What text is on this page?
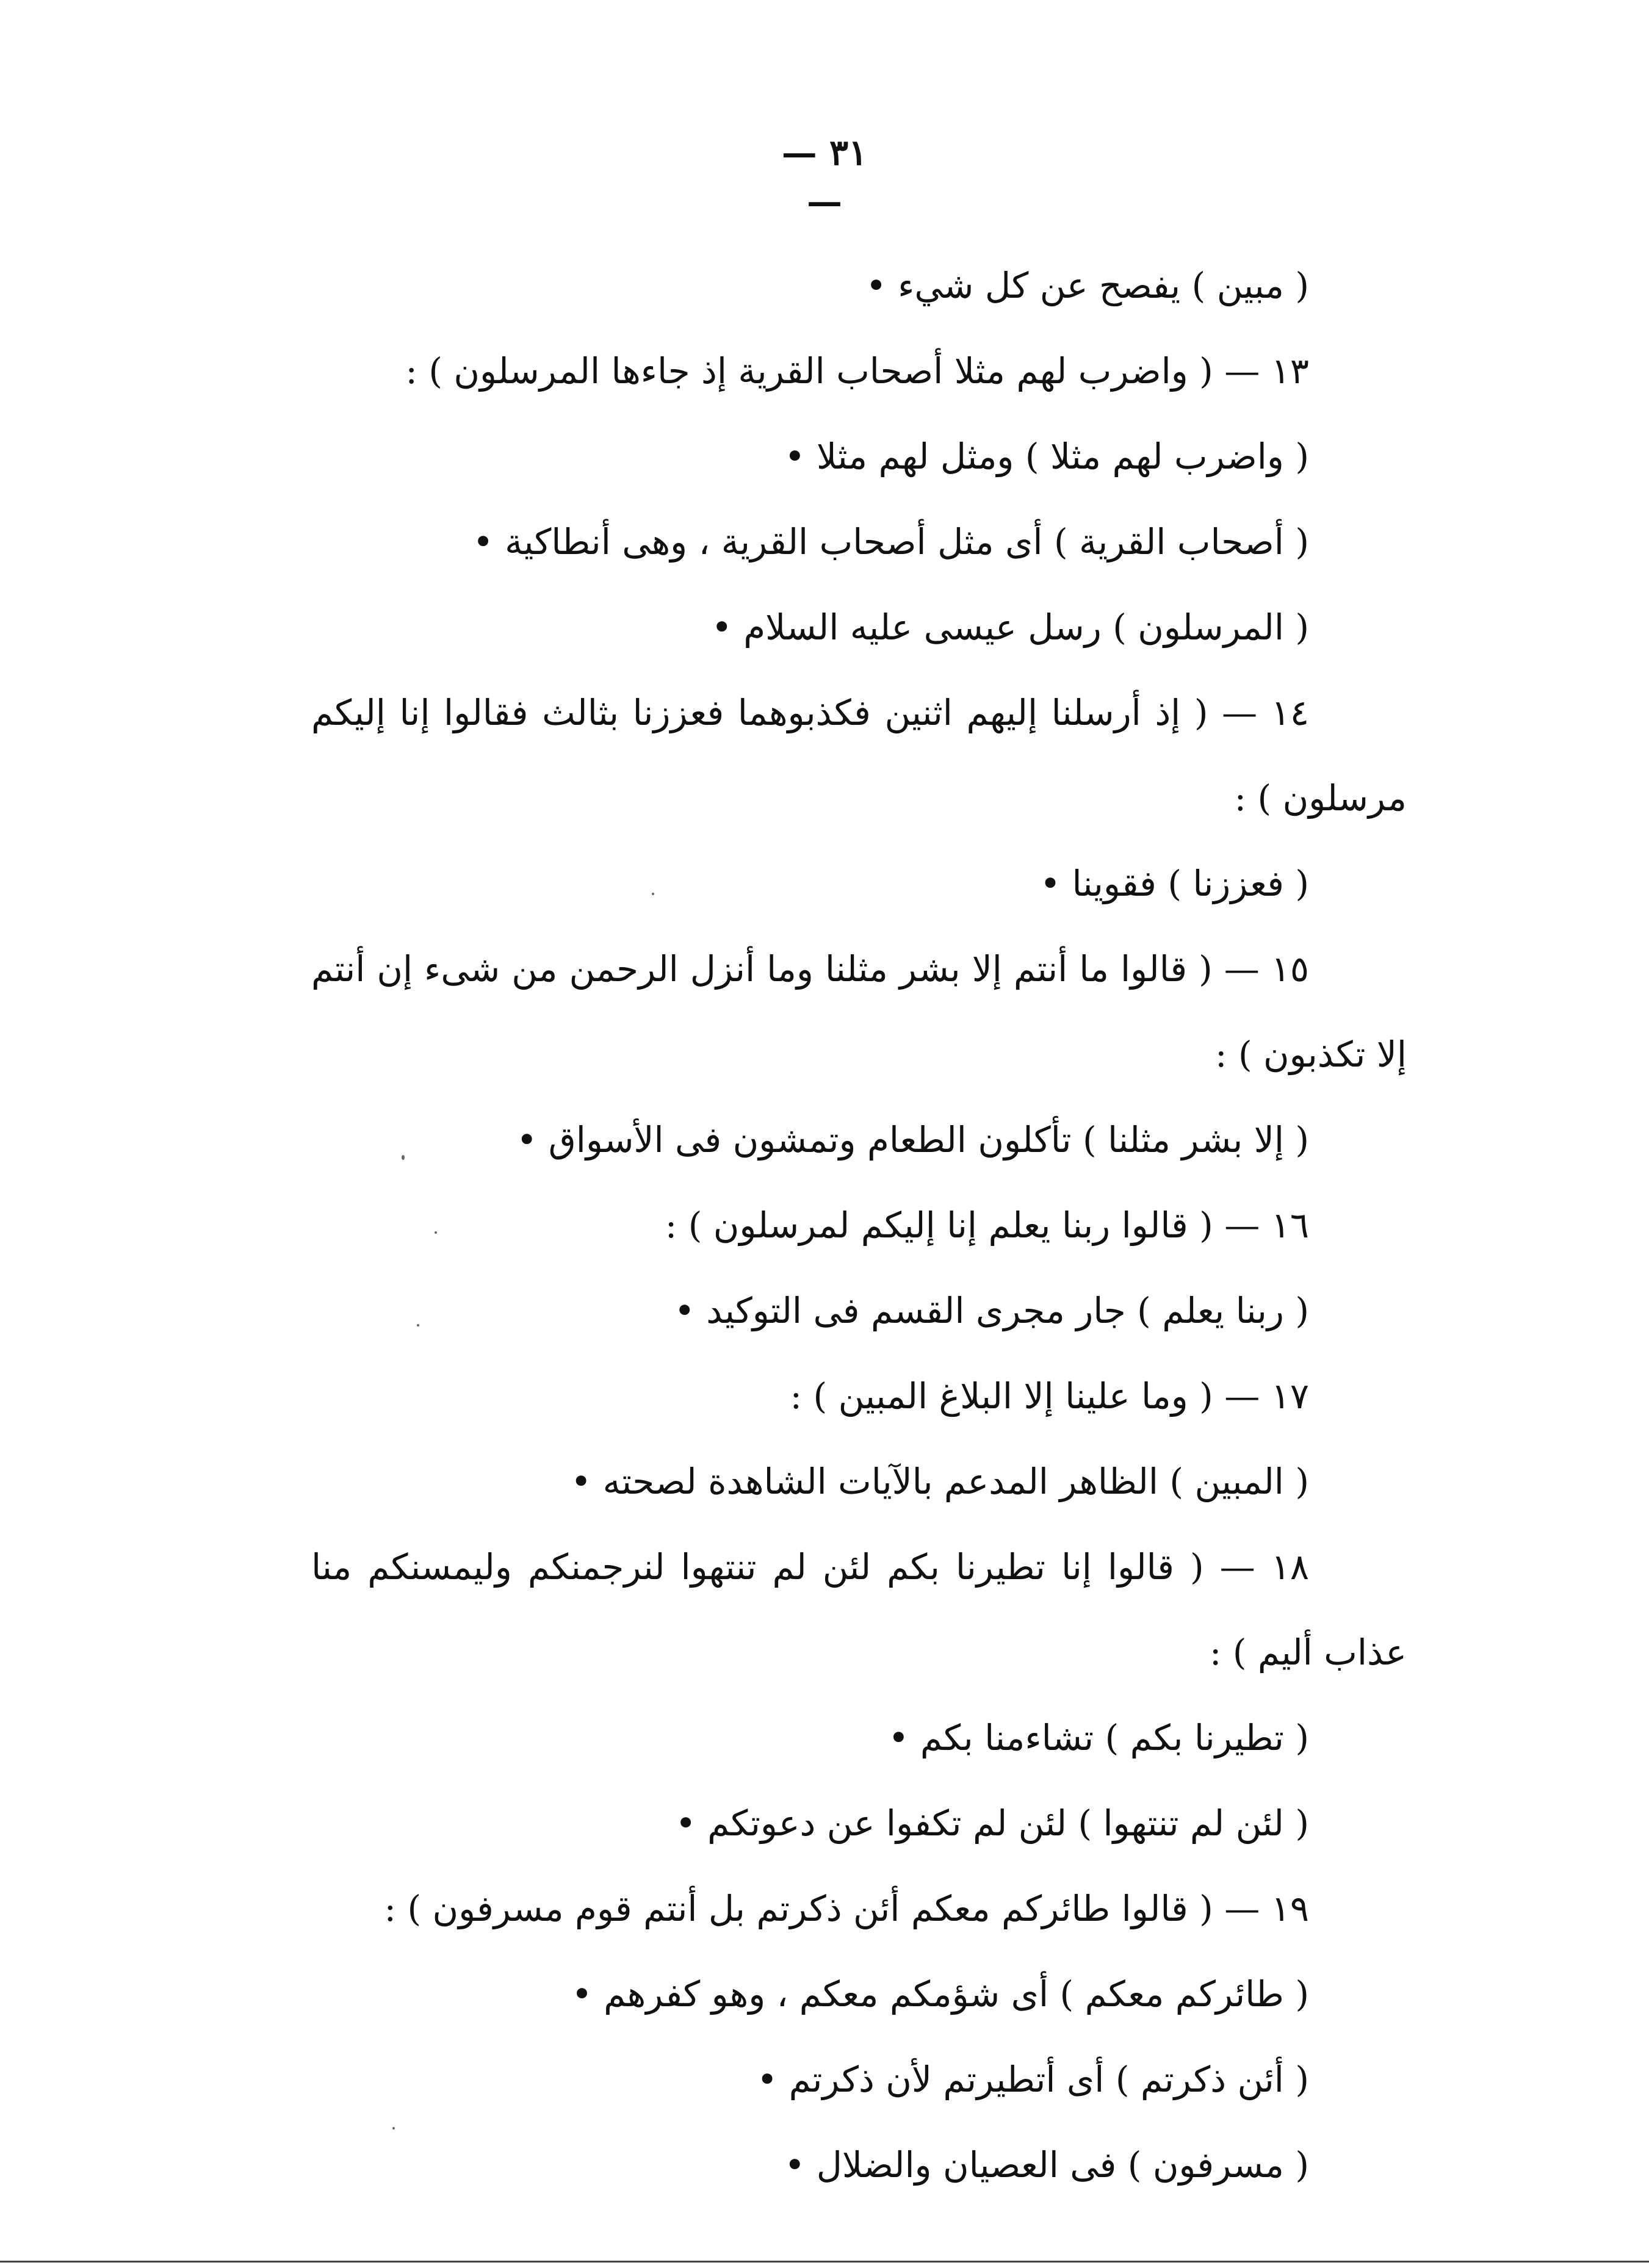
— ٣١ —

( مبين ) يفصح عن كل شيء •

١٣ — ( واضرب لهم مثلا أصحاب القرية إذ جاءها المرسلون ) :

( واضرب لهم مثلا ) ومثل لهم مثلا •

( أصحاب القرية ) أى مثل أصحاب القرية ، وهى أنطاكية •

( المرسلون ) رسل عيسى عليه السلام •

١٤ — ( إذ أرسلنا إليهم اثنين فكذبوهما فعززنا بثالث فقالوا إنا إليكم مرسلون ) :

( فعززنا ) فقوينا •

١٥ — ( قالوا ما أنتم إلا بشر مثلنا وما أنزل الرحمن من شىء إن أنتم إلا تكذبون ) :

( إلا بشر مثلنا ) تأكلون الطعام وتمشون فى الأسواق •

١٦ — ( قالوا ربنا يعلم إنا إليكم لمرسلون ) :

( ربنا يعلم ) جار مجرى القسم فى التوكيد •

١٧ — ( وما علينا إلا البلاغ المبين ) :

( المبين ) الظاهر المدعم بالآيات الشاهدة لصحته •

١٨ — ( قالوا إنا تطيرنا بكم لئن لم تنتهوا لنرجمنكم وليمسنكم منا عذاب أليم ) :

( تطيرنا بكم ) تشاءمنا بكم •

( لئن لم تنتهوا ) لئن لم تكفوا عن دعوتكم •

١٩ — ( قالوا طائركم معكم أئن ذكرتم بل أنتم قوم مسرفون ) :

( طائركم معكم ) أى شؤمكم معكم ، وهو كفرهم •

( أئن ذكرتم ) أى أتطيرتم لأن ذكرتم •

( مسرفون ) فى العصيان والضلال •
